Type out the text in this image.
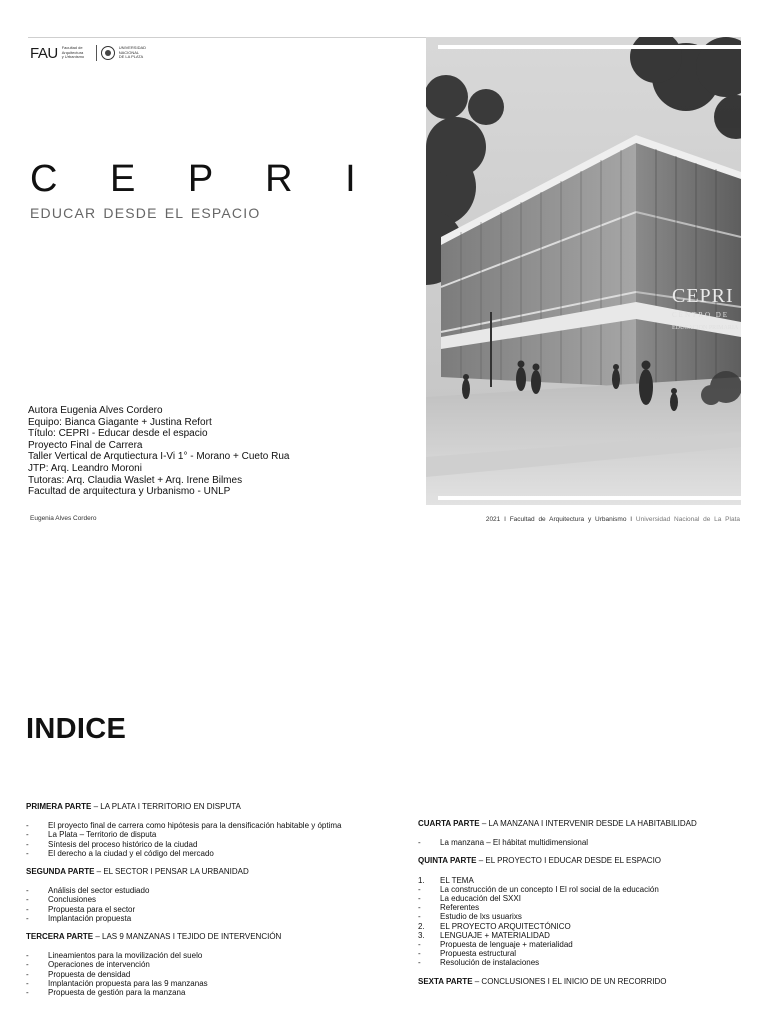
FAU Facultad de
Arquitectura
y Urbanismo
UNIVERSIDAD
NACIONAL
DE LA PLATA
C E P R I
EDUCAR DESDE EL ESPACIO
Autora Eugenia Alves Cordero
Equipo: Bianca Giagante + Justina Refort
Título: CEPRI - Educar desde el espacio
Proyecto Final de Carrera
Taller Vertical de Arqutiectura I-Vi 1° - Morano + Cueto Rua
JTP: Arq. Leandro Moroni
Tutoras: Arq. Claudia Waslet + Arq. Irene Bilmes
Facultad de arquitectura y Urbanismo - UNLP
Eugenia Alves Cordero	2021 I Facultad de Arquitectura y Urbanismo I Universidad Nacional de La Plata
CEPRI
CENTRO DE
EDUCACION PRIMARIA
INDICE
PRIMERA PARTE – LA PLATA I TERRITORIO EN DISPUTA
- El proyecto final de carrera como hipótesis para la densificación habitable y óptima
- La Plata – Territorio de disputa
- Síntesis del proceso histórico de la ciudad
- El derecho a la ciudad y el código del mercado
SEGUNDA PARTE – EL SECTOR I PENSAR LA URBANIDAD
- Análisis del sector estudiado
- Conclusiones
- Propuesta para el sector
- Implantación propuesta
TERCERA PARTE – LAS 9 MANZANAS I TEJIDO DE INTERVENCIÓN
- Lineamientos para la movilización del suelo
- Operaciones de intervención
- Propuesta de densidad
- Implantación propuesta para las 9 manzanas
- Propuesta de gestión para la manzana
CUARTA PARTE – LA MANZANA I INTERVENIR DESDE LA HABITABILIDAD
- La manzana – El hábitat multidimensional
QUINTA PARTE – EL PROYECTO I EDUCAR DESDE EL ESPACIO
1. EL TEMA
- La construcción de un concepto I El rol social de la educación
- La educación del SXXI
- Referentes
- Estudio de lxs usuarixs
2. EL PROYECTO ARQUITECTÓNICO
3. LENGUAJE + MATERIALIDAD
- Propuesta de lenguaje + materialidad
- Propuesta estructural
- Resolución de instalaciones
SEXTA PARTE – CONCLUSIONES I EL INICIO DE UN RECORRIDO
